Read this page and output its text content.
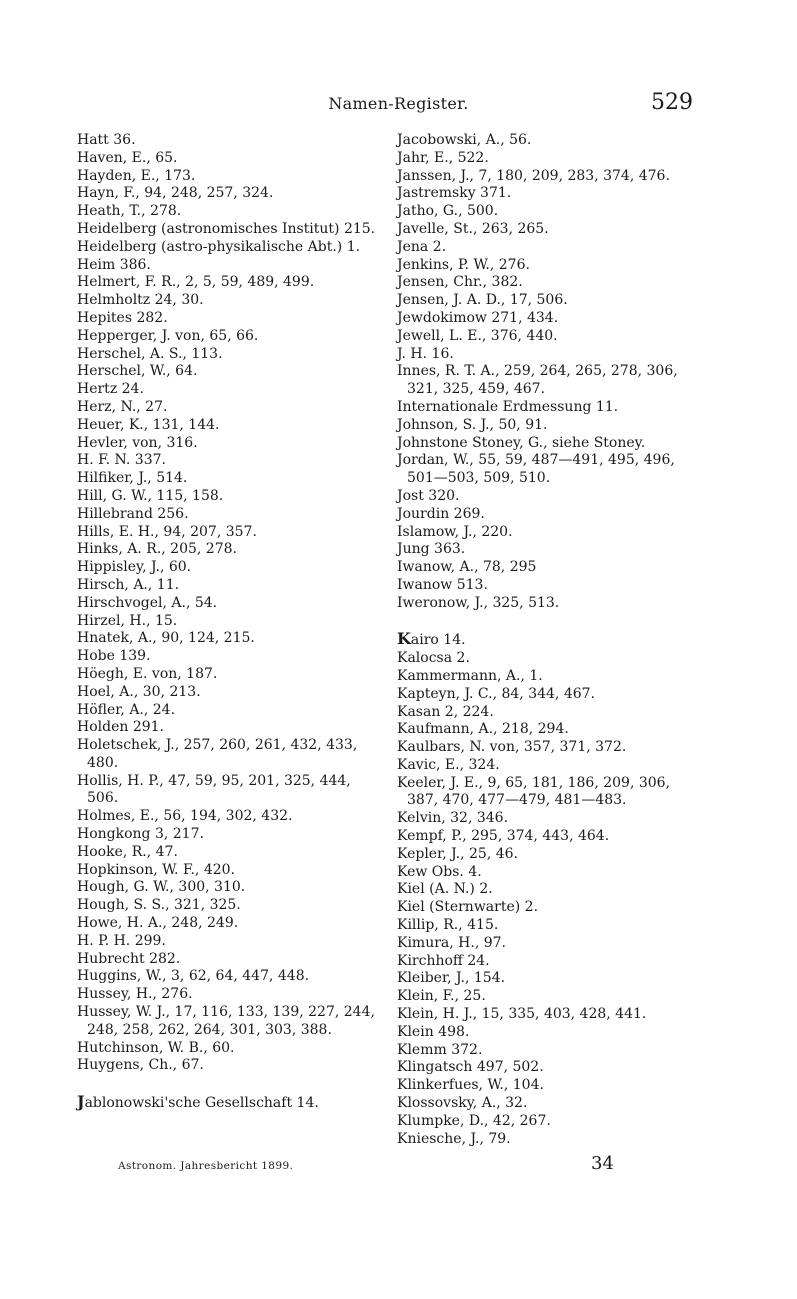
Namen-Register.	529
Hatt 36.
Haven, E., 65.
Hayden, E., 173.
Hayn, F., 94, 248, 257, 324.
Heath, T., 278.
Heidelberg (astronomisches Institut) 215.
Heidelberg (astro-physikalische Abt.) 1.
Heim 386.
Helmert, F. R., 2, 5, 59, 489, 499.
Helmholtz 24, 30.
Hepites 282.
Hepperger, J. von, 65, 66.
Herschel, A. S., 113.
Herschel, W., 64.
Hertz 24.
Herz, N., 27.
Heuer, K., 131, 144.
Hevler, von, 316.
H. F. N. 337.
Hilfiker, J., 514.
Hill, G. W., 115, 158.
Hillebrand 256.
Hills, E. H., 94, 207, 357.
Hinks, A. R., 205, 278.
Hippisley, J., 60.
Hirsch, A., 11.
Hirschvogel, A., 54.
Hirzel, H., 15.
Hnatek, A., 90, 124, 215.
Hobe 139.
Höegh, E. von, 187.
Hoel, A., 30, 213.
Höfler, A., 24.
Holden 291.
Holetschek, J., 257, 260, 261, 432, 433, 480.
Hollis, H. P., 47, 59, 95, 201, 325, 444, 506.
Holmes, E., 56, 194, 302, 432.
Hongkong 3, 217.
Hooke, R., 47.
Hopkinson, W. F., 420.
Hough, G. W., 300, 310.
Hough, S. S., 321, 325.
Howe, H. A., 248, 249.
H. P. H. 299.
Hubrecht 282.
Huggins, W., 3, 62, 64, 447, 448.
Hussey, H., 276.
Hussey, W. J., 17, 116, 133, 139, 227, 244, 248, 258, 262, 264, 301, 303, 388.
Hutchinson, W. B., 60.
Huygens, Ch., 67.
Jablonowski'sche Gesellschaft 14.
Jacobowski, A., 56.
Jahr, E., 522.
Janssen, J., 7, 180, 209, 283, 374, 476.
Jastremsky 371.
Jatho, G., 500.
Javelle, St., 263, 265.
Jena 2.
Jenkins, P. W., 276.
Jensen, Chr., 382.
Jensen, J. A. D., 17, 506.
Jewdokimow 271, 434.
Jewell, L. E., 376, 440.
J. H. 16.
Innes, R. T. A., 259, 264, 265, 278, 306, 321, 325, 459, 467.
Internationale Erdmessung 11.
Johnson, S. J., 50, 91.
Johnstone Stoney, G., siehe Stoney.
Jordan, W., 55, 59, 487—491, 495, 496, 501—503, 509, 510.
Jost 320.
Jourdin 269.
Islamow, J., 220.
Jung 363.
Iwanow, A., 78, 295
Iwanow 513.
Iweronow, J., 325, 513.
Kairo 14.
Kalocsa 2.
Kammermann, A., 1.
Kapteyn, J. C., 84, 344, 467.
Kasan 2, 224.
Kaufmann, A., 218, 294.
Kaulbars, N. von, 357, 371, 372.
Kavic, E., 324.
Keeler, J. E., 9, 65, 181, 186, 209, 306, 387, 470, 477—479, 481—483.
Kelvin, 32, 346.
Kempf, P., 295, 374, 443, 464.
Kepler, J., 25, 46.
Kew Obs. 4.
Kiel (A. N.) 2.
Kiel (Sternwarte) 2.
Killip, R., 415.
Kimura, H., 97.
Kirchhoff 24.
Kleiber, J., 154.
Klein, F., 25.
Klein, H. J., 15, 335, 403, 428, 441.
Klein 498.
Klemm 372.
Klingatsch 497, 502.
Klinkerfues, W., 104.
Klossovsky, A., 32.
Klumpke, D., 42, 267.
Kniesche, J., 79.
Astronom. Jahresbericht 1899.	34
